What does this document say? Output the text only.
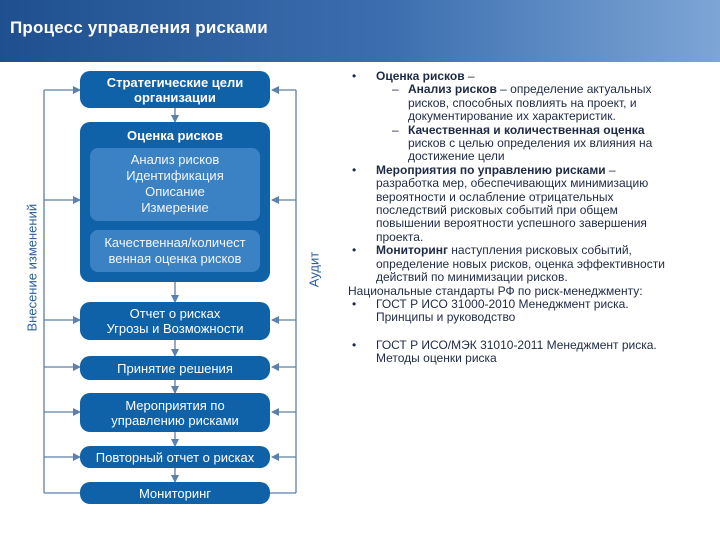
Процесс управления рисками
Стратегические цели
организации
Оценка рисков
Анализ рисков
Идентификация
Описание
Измерение
Качественная/количест
венная оценка рисков
Отчет о рисках
Угрозы и Возможности
Принятие решения
Мероприятия по
управлению рисками
Повторный отчет о рисках
Мониторинг
Внесение изменений	Аудит
• Оценка рисков –
– Анализ рисков – определение актуальных рисков, способных повлиять на проект, и документирование их характеристик.
– Качественная и количественная оценка рисков с целью определения их влияния на достижение цели
• Мероприятия по управлению рисками – разработка мер, обеспечивающих минимизацию вероятности и ослабление отрицательных последствий рисковых событий при общем повышении вероятности успешного завершения проекта.
• Мониторинг наступления рисковых событий, определение новых рисков, оценка эффективности действий по минимизации рисков.
Национальные стандарты РФ по риск-менеджменту:
• ГОСТ Р ИСО 31000-2010 Менеджмент риска. Принципы и руководство
• ГОСТ Р ИСО/МЭК 31010-2011 Менеджмент риска. Методы оценки риска
